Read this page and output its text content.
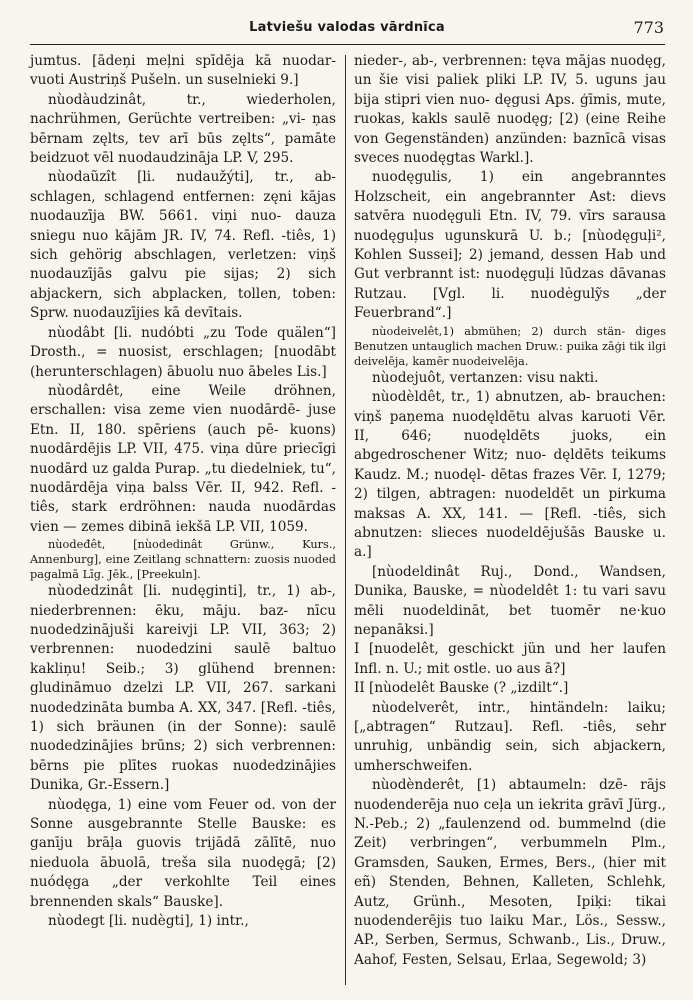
Latviešu valodas vārdnīca	773

jumtus. [ādeņi meļni spīdēja kā nuodar- vuoti Austriņš Pušeln. un suselnieki 9.]

nùodàudzinât, tr., wiederholen, nachrühmen, Gerüchte vertreiben: „vi- ņas bērnam zęlts, tev arī būs zęlts“, pamāte beidzuot vēl nuodaudzināja LP. V, 295.

nùodaũzît [li. nudaužýti], tr., ab- schlagen, schlagend entfernen: zęni kājas nuodauzīja BW. 5661. viņi nuo- dauza sniegu nuo kājām JR. IV, 74. Refl. -tiês, 1) sich gehörig abschlagen, verletzen: viņš nuodauzījās galvu pie sijas; 2) sich abjackern, sich abplacken, tollen, toben: Sprw. nuodauzījies kā devītais.

nùodâbt [li. nudóbti „zu Tode quälen“] Drosth., = nuosist, erschlagen; [nuodābt (herunterschlagen) ābuolu nuo ābeles Lis.]

nùodârdêt, eine Weile dröhnen, erschallen: visa zeme vien nuodārdē- juse Etn. II, 180. spēriens (auch pē- kuons) nuodārdējis LP. VII, 475. viņa dūre priecīgi nuodārd uz galda Purap. „tu diedelniek, tu“, nuodārdēja viņa balss Vēr. II, 942. Refl. -tiês, stark erdröhnen: nauda nuodārdas vien — zemes dibinā iekšā LP. VII, 1059.

nùodeđêt, [nùodedinât Grünw., Kurs., Annenburg], eine Zeitlang schnattern: zuosis nuoded pagalmā Līg. Jēk., [Preekuln].

nùodedzinât [li. nudęginti], tr., 1) ab-, niederbrennen: ēku, māju. baz- nīcu nuodedzinājuši kareivji LP. VII, 363; 2) verbrennen: nuodedzini saulē baltuo kakliņu! Seib.; 3) glühend brennen: gludināmuo dzelzi LP. VII, 267. sarkani nuodedzināta bumba A. XX, 347. [Refl. -tiês, 1) sich bräunen (in der Sonne): saulē nuodedzinājies brūns; 2) sich verbrennen: bērns pie plītes ruokas nuodedzinājies Dunika, Gr.-Essern.]

nùodęga, 1) eine vom Feuer od. von der Sonne ausgebrannte Stelle Bauske: es ganīju brāļa guovis trijādā zālītē, nuo nieduola ābuolā, treša sila nuodęgā; [2) nuódęga „der verkohlte Teil eines brennenden skals“ Bauske].

nùodegt [li. nudègti], 1) intr.,

nieder-, ab-, verbrennen: tęva mājas nuodęg, un šie visi paliek pliki LP. IV, 5. uguns jau bija stipri vien nuo- dęgusi Aps. ģīmis, mute, ruokas, kakls saulē nuodęg; [2) (eine Reihe von Gegenständen) anzünden: baznīcā visas sveces nuodęgtas Warkl.].

nuodęgulis, 1) ein angebranntes Holzscheit, ein angebrannter Ast: dievs satvēra nuodęguli Etn. IV, 79. vīrs sarausa nuodęguļus ugunskurā U. b.; [nùodęguļi², Kohlen Sussei]; 2) jemand, dessen Hab und Gut verbrannt ist: nuodęguļi lūdzas dāvanas Rutzau. [Vgl. li. nuodėgulỹs „der Feuerbrand“.]

nùodeivelêt,1) abmühen; 2) durch stän- diges Benutzen untauglich machen Druw.: puika zāģi tik ilgi deivelēja, kamēr nuodeivelēja.

nùodejuôt, vertanzen: visu nakti.

nùodèldêt, tr., 1) abnutzen, ab- brauchen: viņš paņema nuodęldētu alvas karuoti Vēr. II, 646; nuodęldēts juoks, ein abgedroschener Witz; nuo- dęldēts teikums Kaudz. M.; nuodęl- dētas frazes Vēr. I, 1279; 2) tilgen, abtragen: nuodeldēt un pirkuma maksas A. XX, 141. — [Refl. -tiês, sich abnutzen: slieces nuodeldējušās Bauske u. a.]

[nùodeldinât Ruj., Dond., Wandsen, Dunika, Bauske, = nùodeldêt 1: tu vari savu mēli nuodeldināt, bet tuomēr ne·kuo nepanāksi.]

I [nuodelêt, geschickt jün und her laufen Infl. n. U.; mit ostle. uo aus ā?]

II [nùodelêt Bauske (? „izdilt“.]

nùodelverêt, intr., hintändeln: laiku; [„abtragen“ Rutzau]. Refl. -tiês, sehr unruhig, unbändig sein, sich abjackern, umherschweifen.

nùodènderêt, [1) abtaumeln: dzē- rājs nuodenderēja nuo ceļa un iekrita grāvī Jürg., N.-Peb.; 2) „faulenzend od. bummelnd (die Zeit) verbringen“, verbummeln Plm., Gramsden, Sauken, Ermes, Bers., (hier mit eñ) Stenden, Behnen, Kalleten, Schlehk, Autz, Grünh., Mesoten, Ipiķi: tikai nuodenderējis tuo laiku Mar., Lös., Sessw., AP., Serben, Sermus, Schwanb., Lis., Druw., Aahof, Festen, Selsau, Erlaa, Segewold; 3)
